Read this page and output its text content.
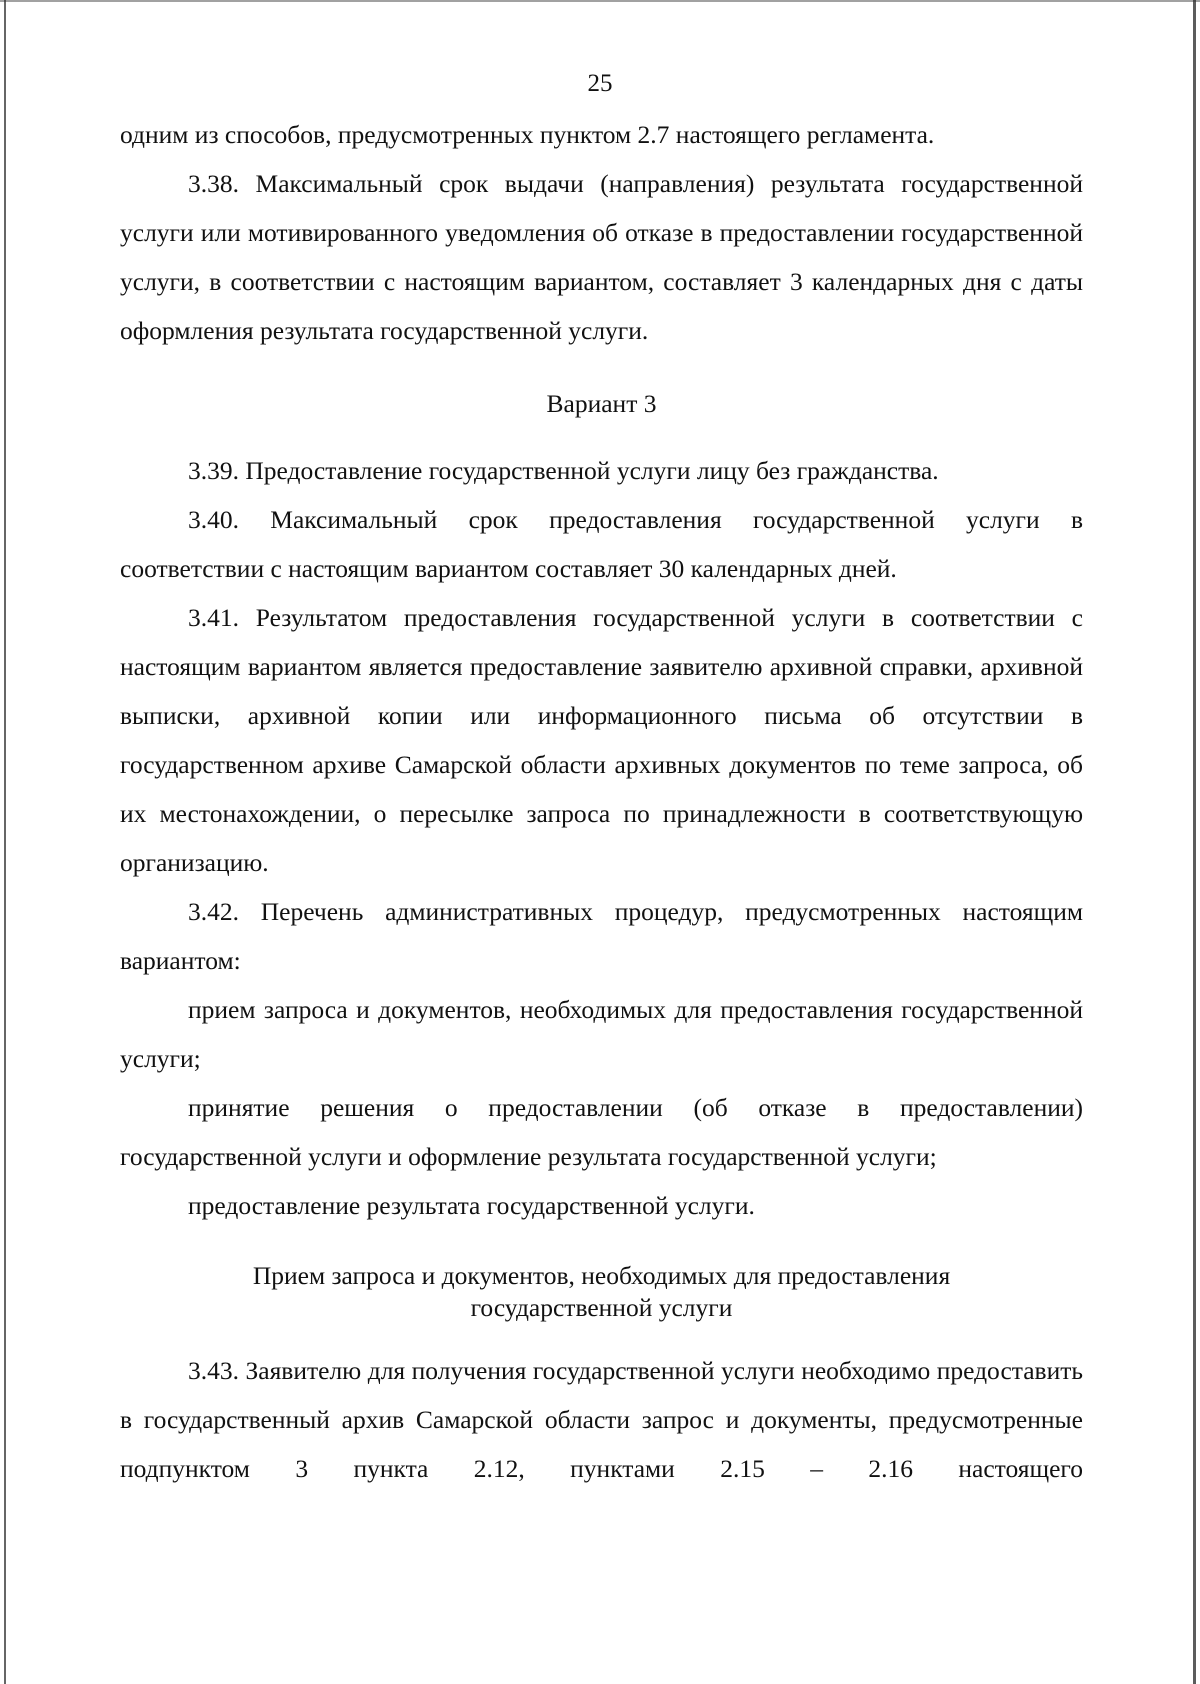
25

одним из способов, предусмотренных пунктом 2.7 настоящего регламента.

3.38. Максимальный срок выдачи (направления) результата государственной услуги или мотивированного уведомления об отказе в предоставлении государственной услуги, в соответствии с настоящим вариантом, составляет 3 календарных дня с даты оформления результата государственной услуги.

Вариант 3

3.39. Предоставление государственной услуги лицу без гражданства.

3.40. Максимальный срок предоставления государственной услуги в соответствии с настоящим вариантом составляет 30 календарных дней.

3.41. Результатом предоставления государственной услуги в соответствии с настоящим вариантом является предоставление заявителю архивной справки, архивной выписки, архивной копии или информационного письма об отсутствии в государственном архиве Самарской области архивных документов по теме запроса, об их местонахождении, о пересылке запроса по принадлежности в соответствующую организацию.

3.42. Перечень административных процедур, предусмотренных настоящим вариантом:

прием запроса и документов, необходимых для предоставления государственной услуги;

принятие решения о предоставлении (об отказе в предоставлении) государственной услуги и оформление результата государственной услуги;

предоставление результата государственной услуги.

Прием запроса и документов, необходимых для предоставления
государственной услуги

3.43. Заявителю для получения государственной услуги необходимо предоставить в государственный архив Самарской области запрос и документы, предусмотренные подпунктом 3 пункта 2.12, пунктами 2.15 – 2.16 настоящего
